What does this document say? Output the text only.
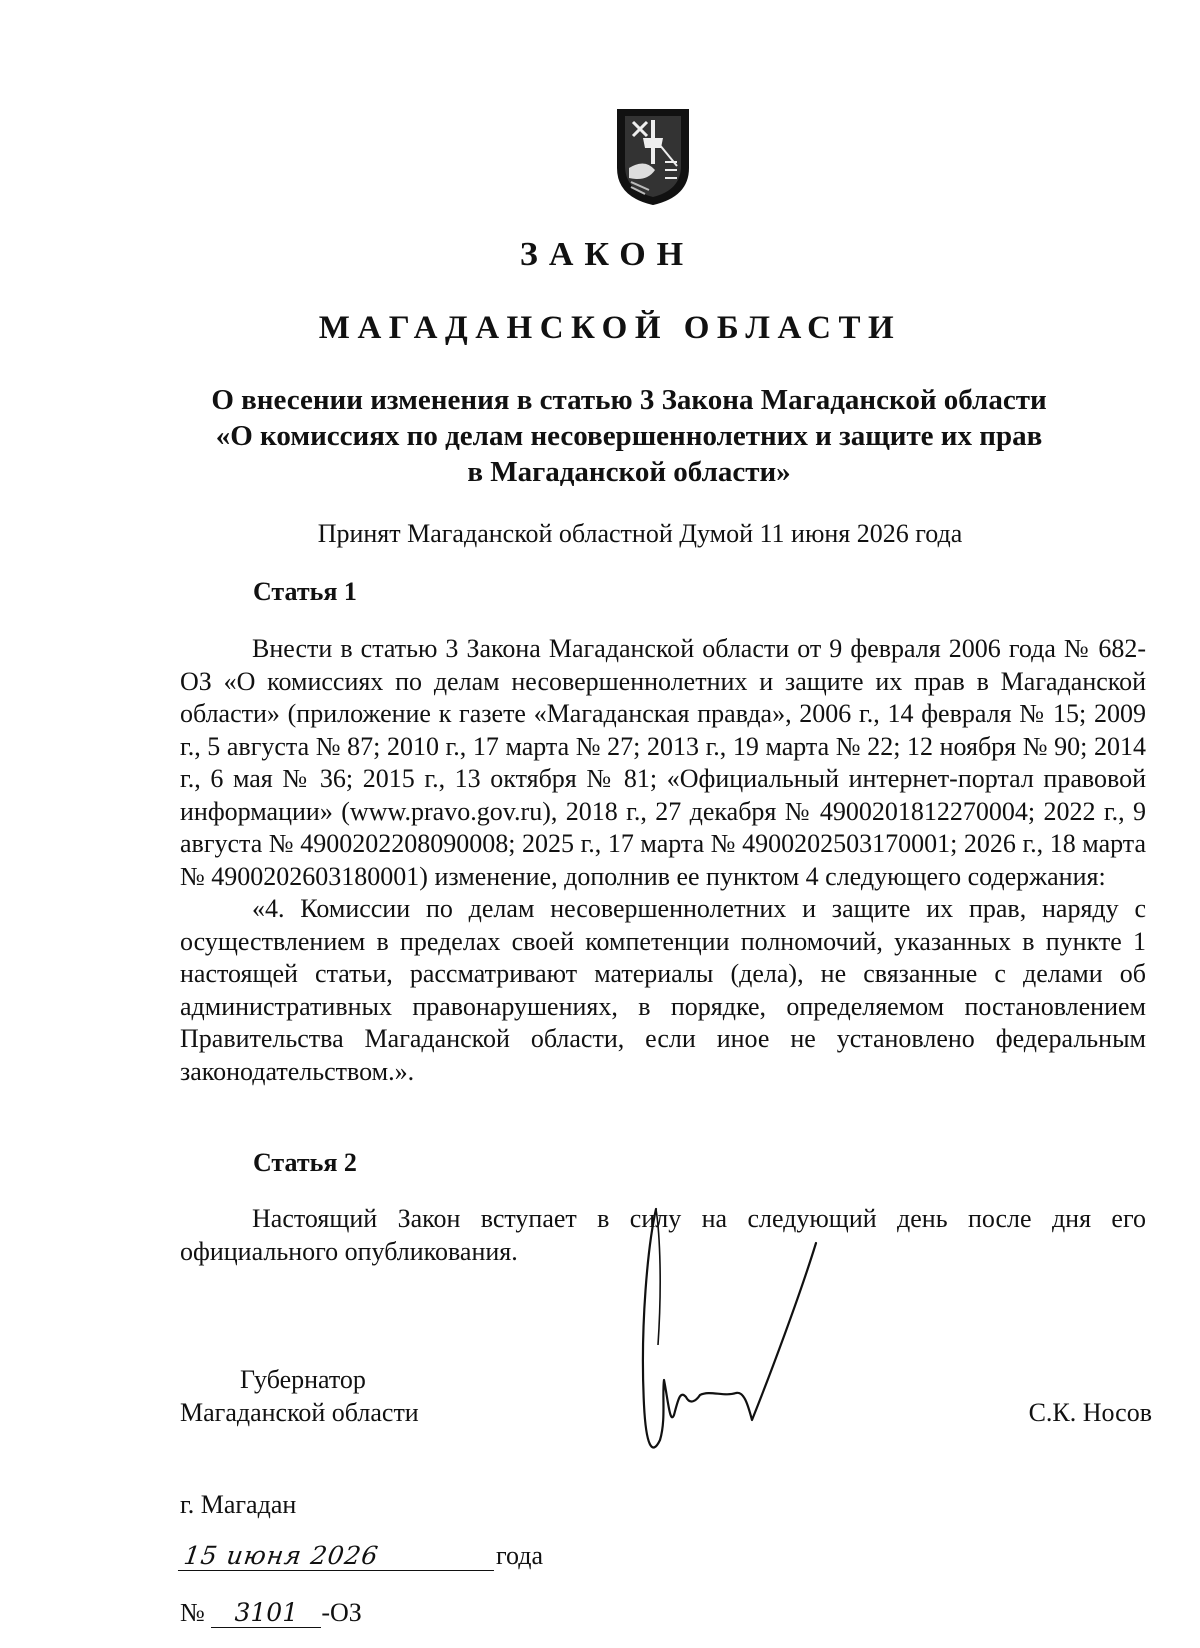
ЗАКОН
МАГАДАНСКОЙ ОБЛАСТИ
О внесении изменения в статью 3 Закона Магаданской области
«О комиссиях по делам несовершеннолетних и защите их прав
в Магаданской области»

Принят Магаданской областной Думой 11 июня 2026 года

Статья 1

Внести в статью 3 Закона Магаданской области от 9 февраля 2006 года № 682-ОЗ «О комиссиях по делам несовершеннолетних и защите их прав в Магаданской области» (приложение к газете «Магаданская правда», 2006 г., 14 февраля № 15; 2009 г., 5 августа № 87; 2010 г., 17 марта № 27; 2013 г., 19 марта № 22; 12 ноября № 90; 2014 г., 6 мая № 36; 2015 г., 13 октября № 81; «Официальный интернет-портал правовой информации» (www.pravo.gov.ru), 2018 г., 27 декабря № 4900201812270004; 2022 г., 9 августа № 4900202208090008; 2025 г., 17 марта № 4900202503170001; 2026 г., 18 марта № 4900202603180001) изменение, дополнив ее пунктом 4 следующего содержания:

«4. Комиссии по делам несовершеннолетних и защите их прав, наряду с осуществлением в пределах своей компетенции полномочий, указанных в пункте 1 настоящей статьи, рассматривают материалы (дела), не связанные с делами об административных правонарушениях, в порядке, определяемом постановлением Правительства Магаданской области, если иное не установлено федеральным законодательством.».

Статья 2

Настоящий Закон вступает в силу на следующий день после дня его официального опубликования.

Губернатор
Магаданской области	С.К. Носов
г. Магадан
15 июня 2026	года
№ 3101 -ОЗ
